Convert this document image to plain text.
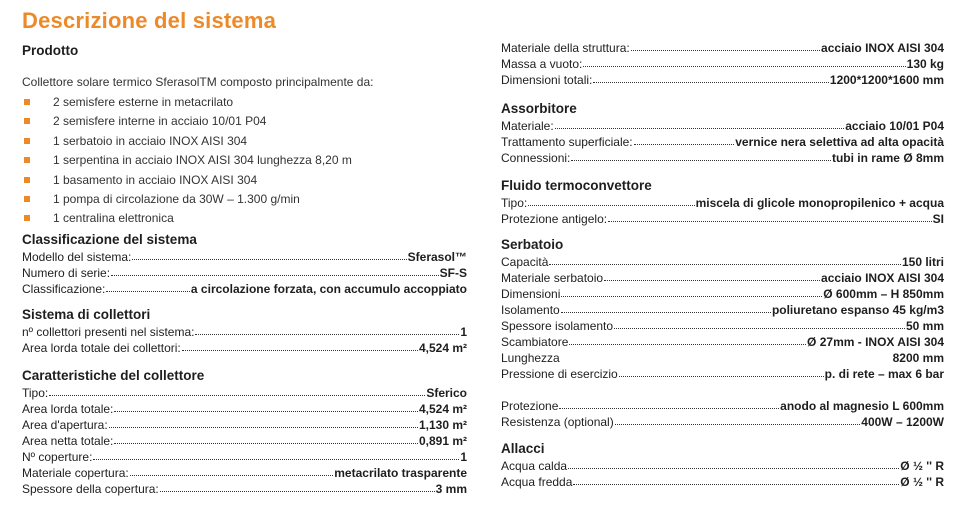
Descrizione del sistema
Prodotto
Collettore solare termico SferasolTM composto principalmente da:
2 semisfere esterne in metacrilato
2 semisfere interne in acciaio 10/01 P04
1 serbatoio in acciaio INOX AISI 304
1 serpentina in acciaio INOX AISI 304 lunghezza 8,20 m
1 basamento in acciaio INOX AISI 304
1 pompa di circolazione da 30W – 1.300 g/min
1 centralina elettronica
Classificazione del sistema
Modello del sistema:	Sferasol™
Numero di serie:	SF-S
Classificazione:	a circolazione forzata, con accumulo accoppiato
Sistema di collettori
nº collettori presenti nel sistema:	1
Area lorda totale dei collettori:	4,524 m²
Caratteristiche del collettore
Tipo:	Sferico
Area lorda totale:	4,524 m²
Area d'apertura:	1,130 m²
Area netta totale:	0,891 m²
Nº coperture:	1
Materiale copertura:	metacrilato trasparente
Spessore della copertura:	3 mm
Materiale della struttura:	acciaio INOX AISI 304
Massa a vuoto:	130 kg
Dimensioni totali:	1200*1200*1600 mm
Assorbitore
Materiale:	acciaio 10/01 P04
Trattamento superficiale:	vernice nera selettiva ad alta opacità
Connessioni:	tubi in rame Ø 8mm
Fluido termoconvettore
Tipo:	miscela di glicole monopropilenico + acqua
Protezione antigelo:	SI
Serbatoio
Capacità	150 litri
Materiale serbatoio	acciaio INOX AISI 304
Dimensioni	Ø 600mm – H 850mm
Isolamento	poliuretano espanso 45 kg/m3
Spessore isolamento	50 mm
Scambiatore	Ø 27mm - INOX AISI 304
Lunghezza	8200 mm
Pressione di esercizio	p. di rete – max 6 bar
Protezione	anodo al magnesio L 600mm
Resistenza (optional)	400W – 1200W
Allacci
Acqua calda	Ø ½ '' R
Acqua fredda	Ø ½ '' R
